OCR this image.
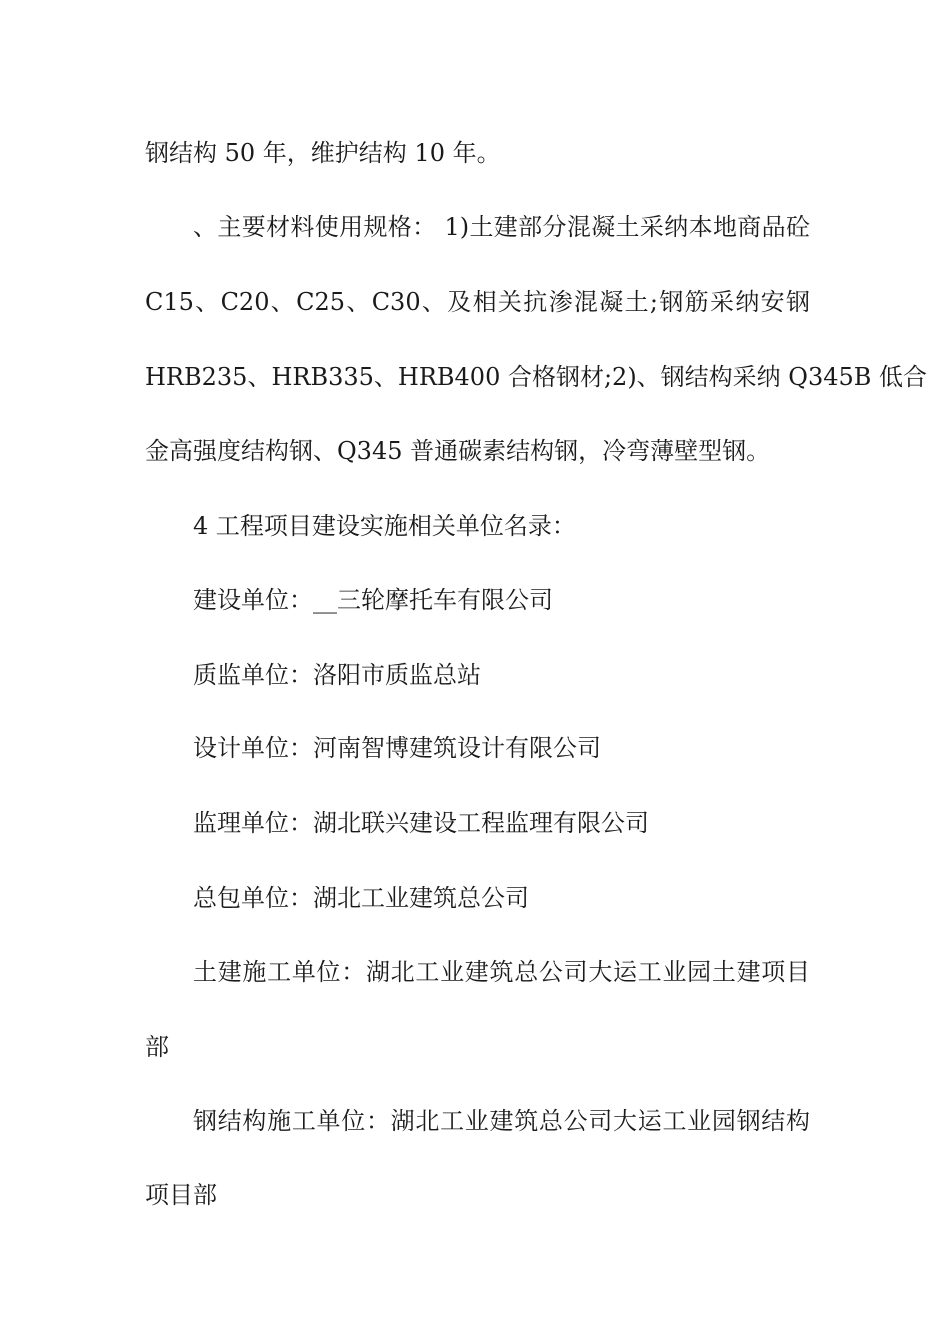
钢结构 50 年，维护结构 10 年。
、主要材料使用规格： 1)土建部分混凝土采纳本地商品砼
C15、C20、C25、C30、及相关抗渗混凝土;钢筋采纳安钢
HRB235、HRB335、HRB400 合格钢材;2)、钢结构采纳 Q345B 低合
金高强度结构钢、Q345 普通碳素结构钢，冷弯薄壁型钢。
4 工程项目建设实施相关单位名录：
建设单位：__三轮摩托车有限公司
质监单位：洛阳市质监总站
设计单位：河南智博建筑设计有限公司
监理单位：湖北联兴建设工程监理有限公司
总包单位：湖北工业建筑总公司
土建施工单位：湖北工业建筑总公司大运工业园土建项目
部
钢结构施工单位：湖北工业建筑总公司大运工业园钢结构
项目部
